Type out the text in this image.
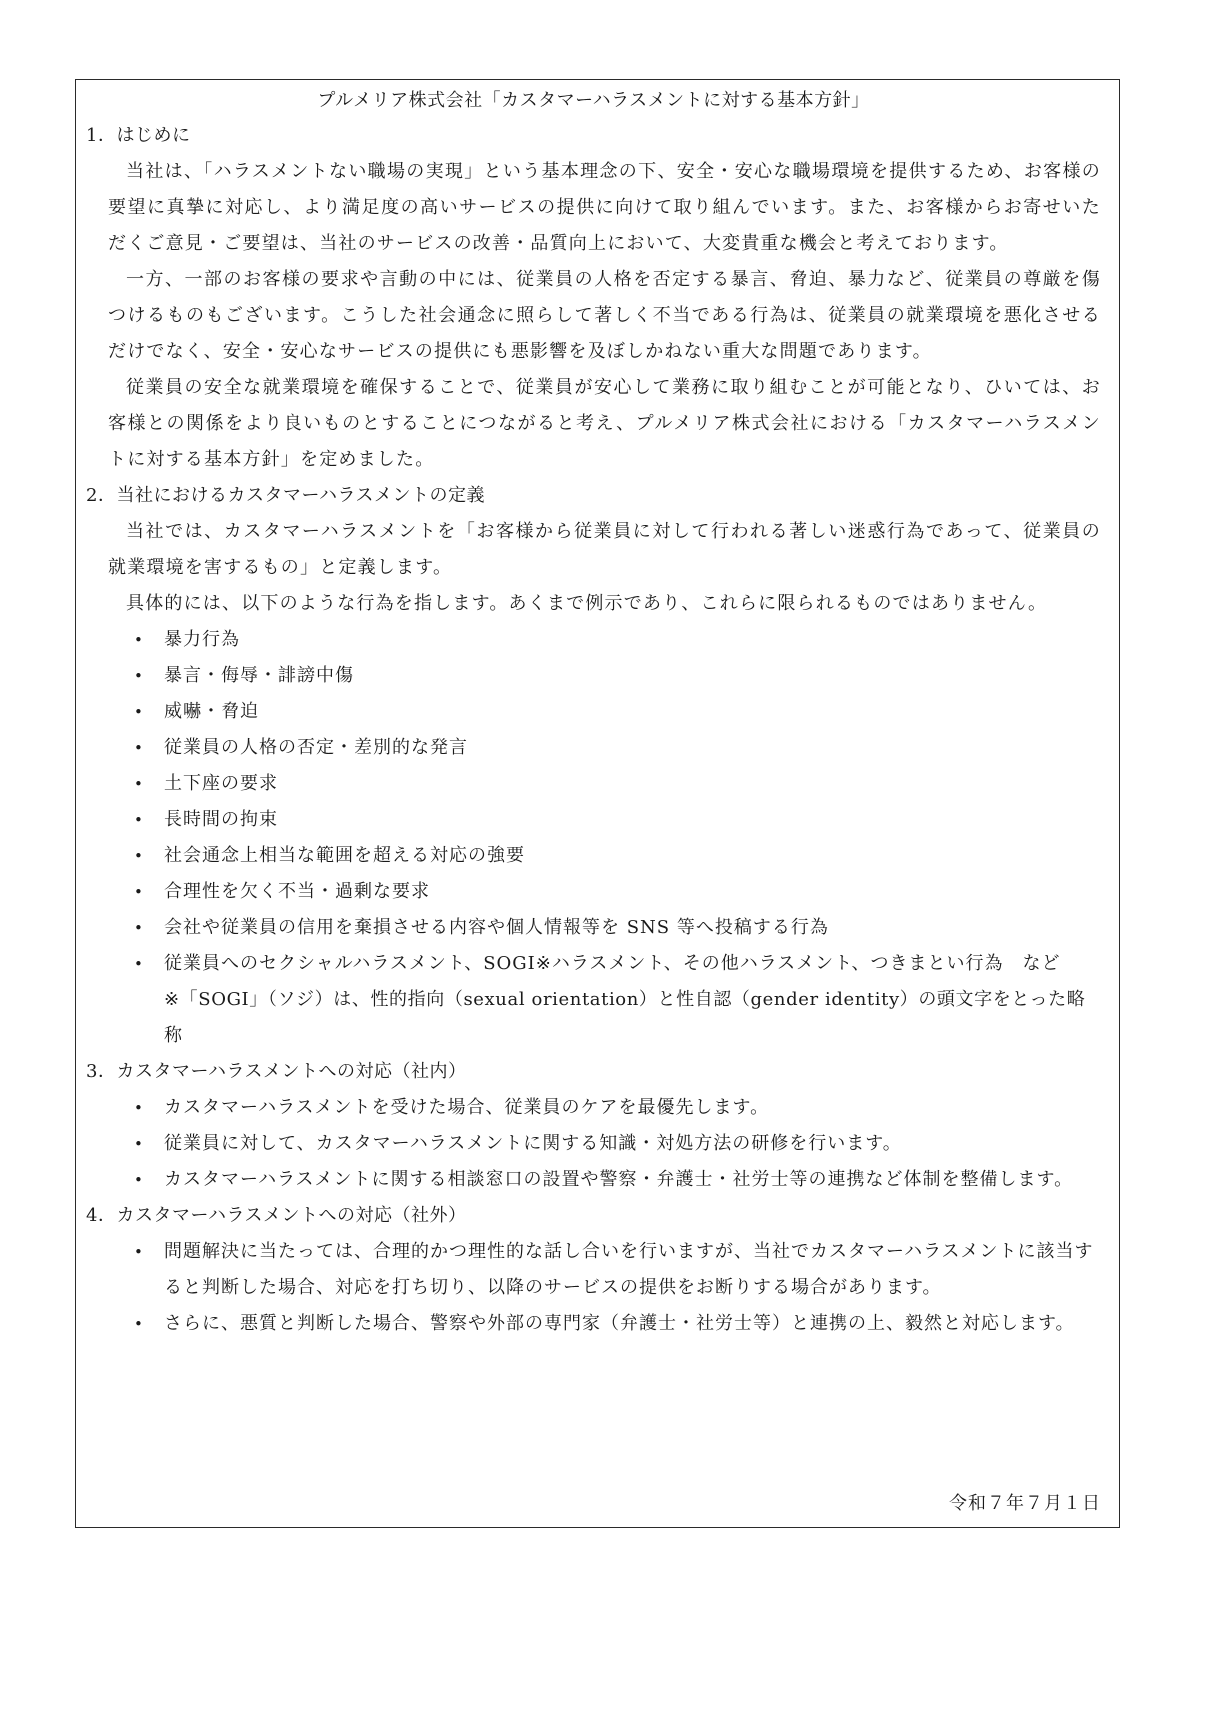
プルメリア株式会社「カスタマーハラスメントに対する基本方針」
1．はじめに

当社は、「ハラスメントない職場の実現」という基本理念の下、安全・安心な職場環境を提供するため、お客様の要望に真摯に対応し、より満足度の高いサービスの提供に向けて取り組んでいます。また、お客様からお寄せいただくご意見・ご要望は、当社のサービスの改善・品質向上において、大変貴重な機会と考えております。

一方、一部のお客様の要求や言動の中には、従業員の人格を否定する暴言、脅迫、暴力など、従業員の尊厳を傷つけるものもございます。こうした社会通念に照らして著しく不当である行為は、従業員の就業環境を悪化させるだけでなく、安全・安心なサービスの提供にも悪影響を及ぼしかねない重大な問題であります。

従業員の安全な就業環境を確保することで、従業員が安心して業務に取り組むことが可能となり、ひいては、お客様との関係をより良いものとすることにつながると考え、プルメリア株式会社における「カスタマーハラスメントに対する基本方針」を定めました。

2．当社におけるカスタマーハラスメントの定義

当社では、カスタマーハラスメントを「お客様から従業員に対して行われる著しい迷惑行為であって、従業員の就業環境を害するもの」と定義します。

具体的には、以下のような行為を指します。あくまで例示であり、これらに限られるものではありません。

• 暴力行為
• 暴言・侮辱・誹謗中傷
• 威嚇・脅迫
• 従業員の人格の否定・差別的な発言
• 土下座の要求
• 長時間の拘束
• 社会通念上相当な範囲を超える対応の強要
• 合理性を欠く不当・過剰な要求
• 会社や従業員の信用を棄損させる内容や個人情報等を SNS 等へ投稿する行為
• 従業員へのセクシャルハラスメント、SOGI※ハラスメント、その他ハラスメント、つきまとい行為　など

※「SOGI」（ソジ）は、性的指向（sexual orientation）と性自認（gender identity）の頭文字をとった略称

3．カスタマーハラスメントへの対応（社内）
• カスタマーハラスメントを受けた場合、従業員のケアを最優先します。
• 従業員に対して、カスタマーハラスメントに関する知識・対処方法の研修を行います。
• カスタマーハラスメントに関する相談窓口の設置や警察・弁護士・社労士等の連携など体制を整備します。
4．カスタマーハラスメントへの対応（社外）
• 問題解決に当たっては、合理的かつ理性的な話し合いを行いますが、当社でカスタマーハラスメントに該当すると判断した場合、対応を打ち切り、以降のサービスの提供をお断りする場合があります。
• さらに、悪質と判断した場合、警察や外部の専門家（弁護士・社労士等）と連携の上、毅然と対応します。
令和７年７月１日
